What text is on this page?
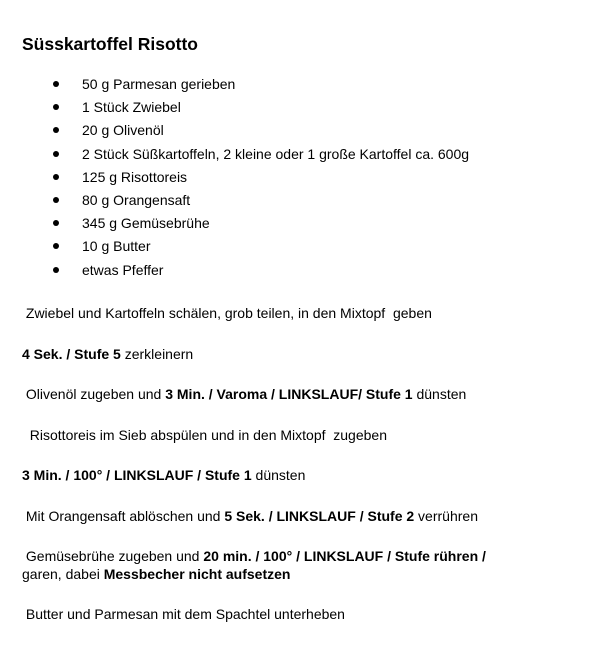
Süsskartoffel Risotto
50 g Parmesan gerieben
1 Stück Zwiebel
20 g Olivenöl
2 Stück Süßkartoffeln, 2 kleine oder 1 große Kartoffel ca. 600g
125 g Risottoreis
80 g Orangensaft
345 g Gemüsebrühe
10 g Butter
etwas Pfeffer
Zwiebel und Kartoffeln schälen, grob teilen, in den Mixtopf  geben
4 Sek. / Stufe 5 zerkleinern
Olivenöl zugeben und 3 Min. / Varoma / LINKSLAUF/ Stufe 1 dünsten
Risottoreis im Sieb abspülen und in den Mixtopf  zugeben
3 Min. / 100° / LINKSLAUF / Stufe 1 dünsten
Mit Orangensaft ablöschen und 5 Sek. / LINKSLAUF / Stufe 2 verrühren
Gemüsebrühe zugeben und 20 min. / 100° / LINKSLAUF / Stufe rühren /
garen, dabei Messbecher nicht aufsetzen
Butter und Parmesan mit dem Spachtel unterheben
